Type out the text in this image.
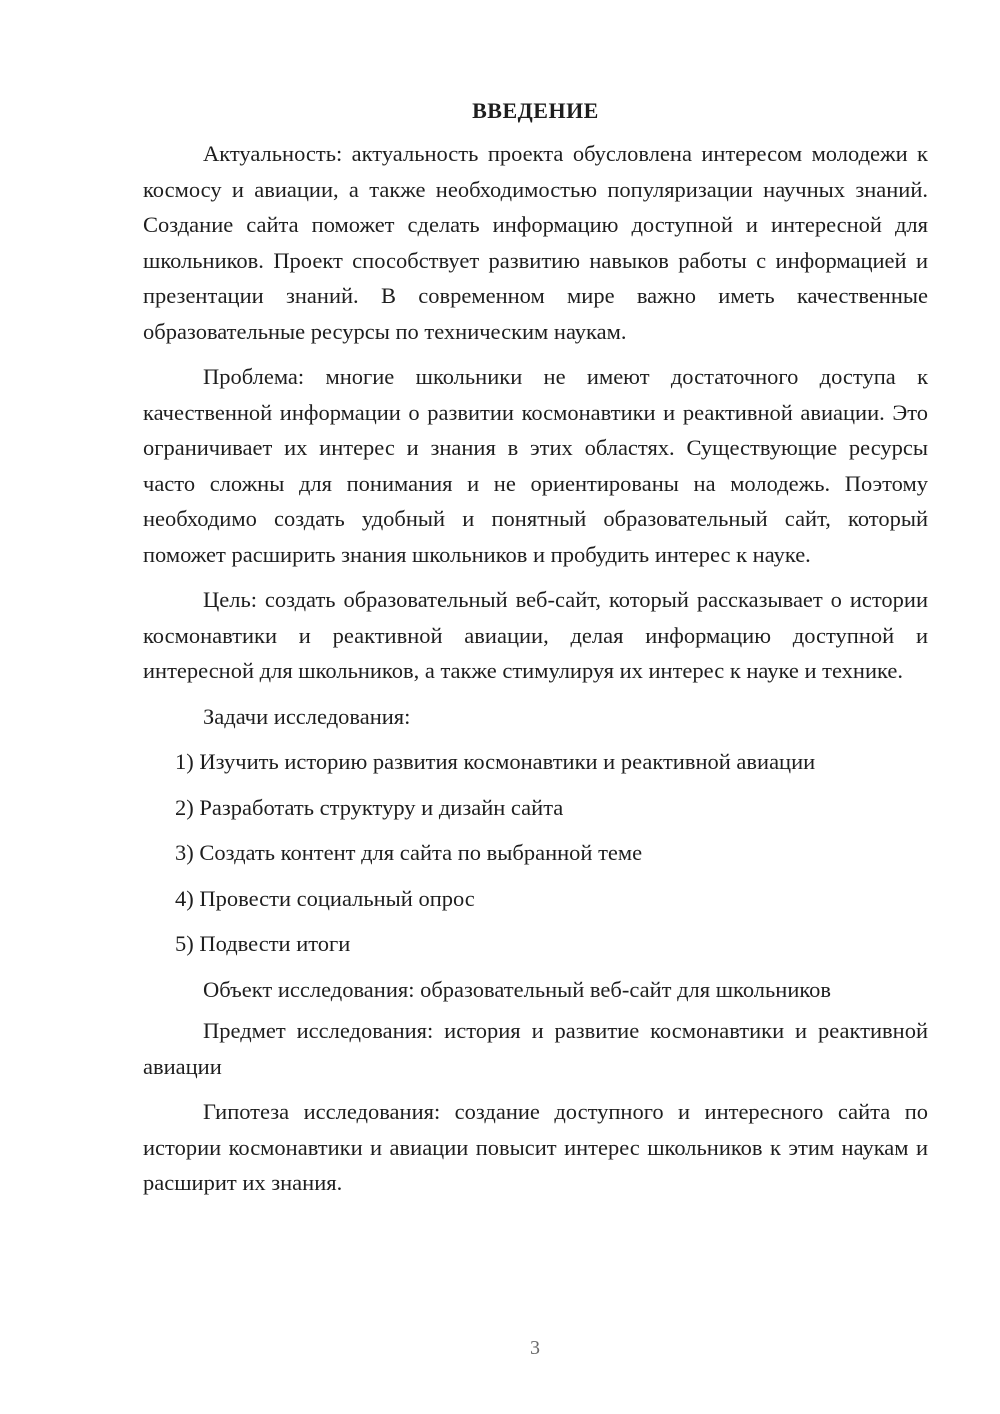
ВВЕДЕНИЕ

Актуальность: актуальность проекта обусловлена интересом молодежи к космосу и авиации, а также необходимостью популяризации научных знаний. Создание сайта поможет сделать информацию доступной и интересной для школьников. Проект способствует развитию навыков работы с информацией и презентации знаний. В современном мире важно иметь качественные образовательные ресурсы по техническим наукам.

Проблема: многие школьники не имеют достаточного доступа к качественной информации о развитии космонавтики и реактивной авиации. Это ограничивает их интерес и знания в этих областях. Существующие ресурсы часто сложны для понимания и не ориентированы на молодежь. Поэтому необходимо создать удобный и понятный образовательный сайт, который поможет расширить знания школьников и пробудить интерес к науке.

Цель: создать образовательный веб-сайт, который рассказывает о истории космонавтики и реактивной авиации, делая информацию доступной и интересной для школьников, а также стимулируя их интерес к науке и технике.

Задачи исследования:

1) Изучить историю развития космонавтики и реактивной авиации
2) Разработать структуру и дизайн сайта
3) Создать контент для сайта по выбранной теме
4) Провести социальный опрос
5) Подвести итоги

Объект исследования: образовательный веб-сайт для школьников

Предмет исследования: история и развитие космонавтики и реактивной авиации

Гипотеза исследования: создание доступного и интересного сайта по истории космонавтики и авиации повысит интерес школьников к этим наукам и расширит их знания.

3
